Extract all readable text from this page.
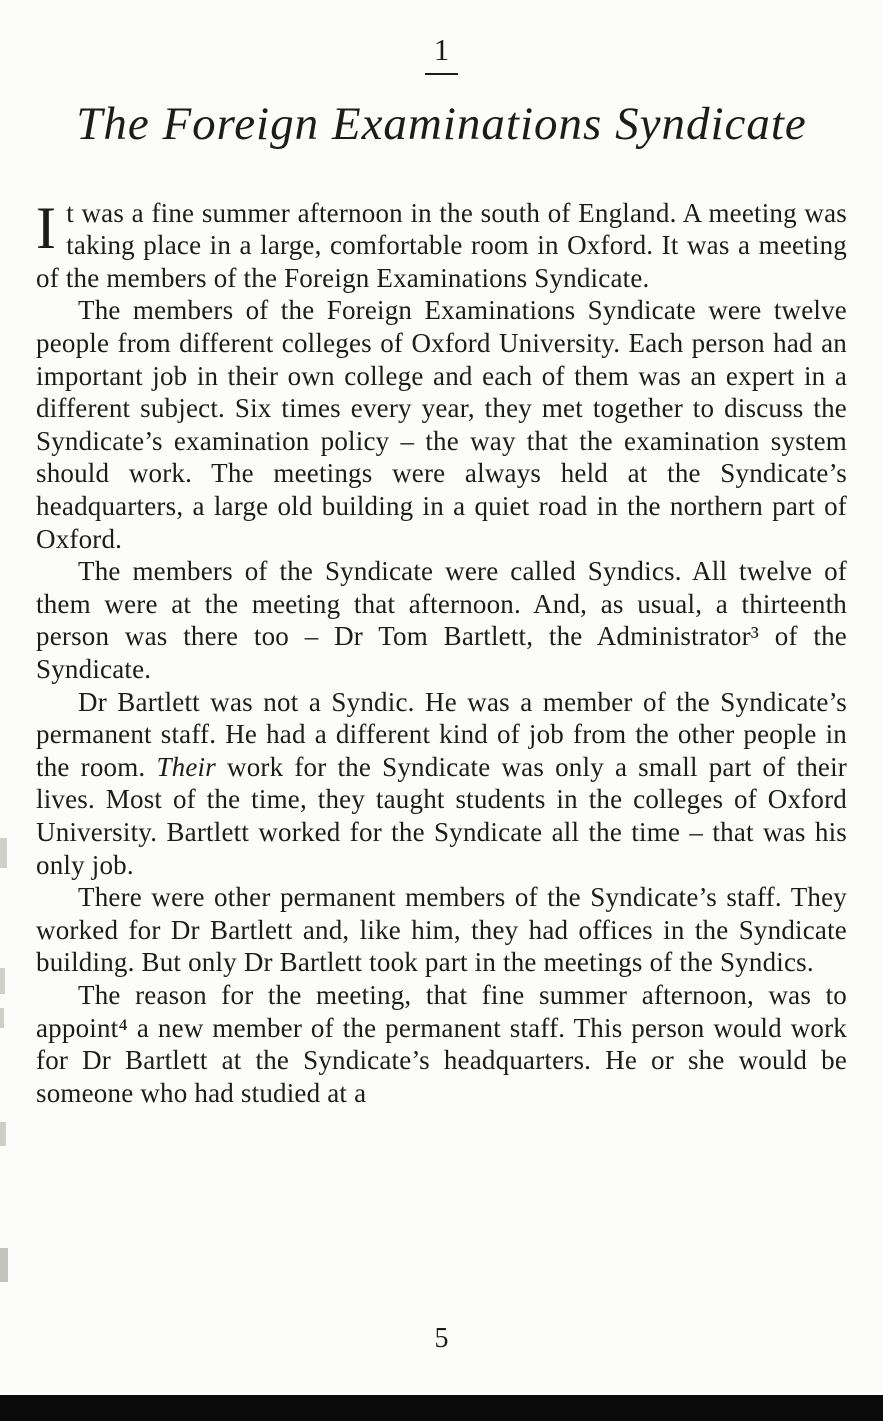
1
The Foreign Examinations Syndicate

It was a fine summer afternoon in the south of England. A meeting was taking place in a large, comfortable room in Oxford. It was a meeting of the members of the Foreign Examinations Syndicate.

The members of the Foreign Examinations Syndicate were twelve people from different colleges of Oxford University. Each person had an important job in their own college and each of them was an expert in a different subject. Six times every year, they met together to discuss the Syndicate’s examination policy – the way that the examination system should work. The meetings were always held at the Syndicate’s headquarters, a large old building in a quiet road in the northern part of Oxford.

The members of the Syndicate were called Syndics. All twelve of them were at the meeting that afternoon. And, as usual, a thirteenth person was there too – Dr Tom Bartlett, the Administrator³ of the Syndicate.

Dr Bartlett was not a Syndic. He was a member of the Syndicate’s permanent staff. He had a different kind of job from the other people in the room. Their work for the Syndicate was only a small part of their lives. Most of the time, they taught students in the colleges of Oxford University. Bartlett worked for the Syndicate all the time – that was his only job.

There were other permanent members of the Syndicate’s staff. They worked for Dr Bartlett and, like him, they had offices in the Syndicate building. But only Dr Bartlett took part in the meetings of the Syndics.

The reason for the meeting, that fine summer afternoon, was to appoint⁴ a new member of the permanent staff. This person would work for Dr Bartlett at the Syndicate’s headquarters. He or she would be someone who had studied at a

5
